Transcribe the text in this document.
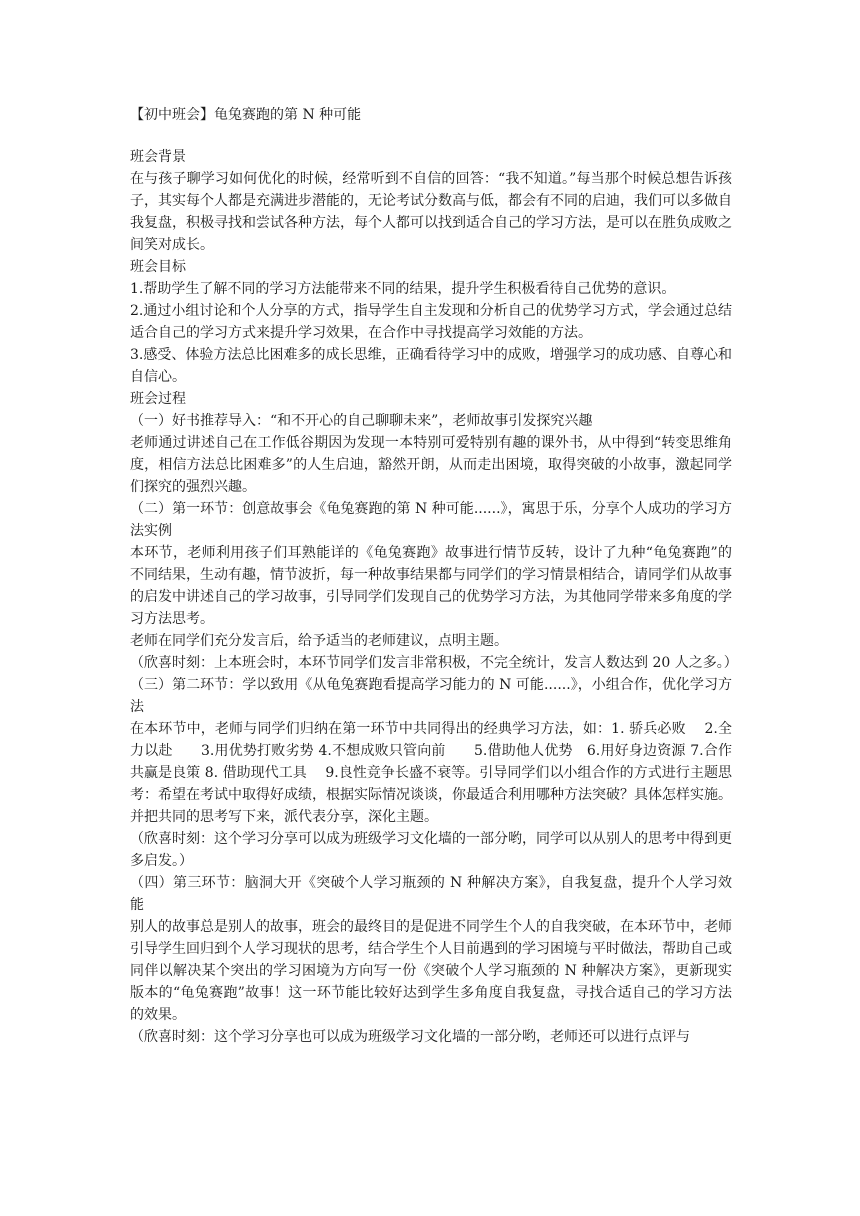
【初中班会】龟兔赛跑的第 N 种可能

班会背景

在与孩子聊学习如何优化的时候，经常听到不自信的回答：“我不知道。”每当那个时候总想告诉孩子，其实每个人都是充满进步潜能的，无论考试分数高与低，都会有不同的启迪，我们可以多做自我复盘，积极寻找和尝试各种方法，每个人都可以找到适合自己的学习方法，是可以在胜负成败之间笑对成长。

班会目标

1.帮助学生了解不同的学习方法能带来不同的结果，提升学生积极看待自己优势的意识。

2.通过小组讨论和个人分享的方式，指导学生自主发现和分析自己的优势学习方式，学会通过总结适合自己的学习方式来提升学习效果，在合作中寻找提高学习效能的方法。

3.感受、体验方法总比困难多的成长思维，正确看待学习中的成败，增强学习的成功感、自尊心和自信心。

班会过程

（一）好书推荐导入：“和不开心的自己聊聊未来”，老师故事引发探究兴趣

老师通过讲述自己在工作低谷期因为发现一本特别可爱特别有趣的课外书，从中得到“转变思维角度，相信方法总比困难多”的人生启迪，豁然开朗，从而走出困境，取得突破的小故事，激起同学们探究的强烈兴趣。

（二）第一环节：创意故事会《龟兔赛跑的第 N 种可能......》，寓思于乐，分享个人成功的学习方法实例

本环节，老师利用孩子们耳熟能详的《龟兔赛跑》故事进行情节反转，设计了九种“龟兔赛跑”的不同结果，生动有趣，情节波折，每一种故事结果都与同学们的学习情景相结合，请同学们从故事的启发中讲述自己的学习故事，引导同学们发现自己的优势学习方法，为其他同学带来多角度的学习方法思考。

老师在同学们充分发言后，给予适当的老师建议，点明主题。

（欣喜时刻：上本班会时，本环节同学们发言非常积极，不完全统计，发言人数达到 20 人之多。）

（三）第二环节：学以致用《从龟兔赛跑看提高学习能力的 N 可能......》，小组合作，优化学习方法

在本环节中，老师与同学们归纳在第一环节中共同得出的经典学习方法，如：1. 骄兵必败　 2.全力以赴　　3.用优势打败劣势 4.不想成败只管向前　　5.借助他人优势　6.用好身边资源 7.合作共赢是良策 8. 借助现代工具　 9.良性竞争长盛不衰等。引导同学们以小组合作的方式进行主题思考：希望在考试中取得好成绩，根据实际情况谈谈，你最适合利用哪种方法突破？具体怎样实施。并把共同的思考写下来，派代表分享，深化主题。

（欣喜时刻：这个学习分享可以成为班级学习文化墙的一部分哟，同学可以从别人的思考中得到更多启发。）

（四）第三环节：脑洞大开《突破个人学习瓶颈的 N 种解决方案》，自我复盘，提升个人学习效能

别人的故事总是别人的故事，班会的最终目的是促进不同学生个人的自我突破，在本环节中，老师引导学生回归到个人学习现状的思考，结合学生个人目前遇到的学习困境与平时做法，帮助自己或同伴以解决某个突出的学习困境为方向写一份《突破个人学习瓶颈的 N 种解决方案》，更新现实版本的“龟兔赛跑”故事！这一环节能比较好达到学生多角度自我复盘，寻找合适自己的学习方法的效果。

（欣喜时刻：这个学习分享也可以成为班级学习文化墙的一部分哟，老师还可以进行点评与
